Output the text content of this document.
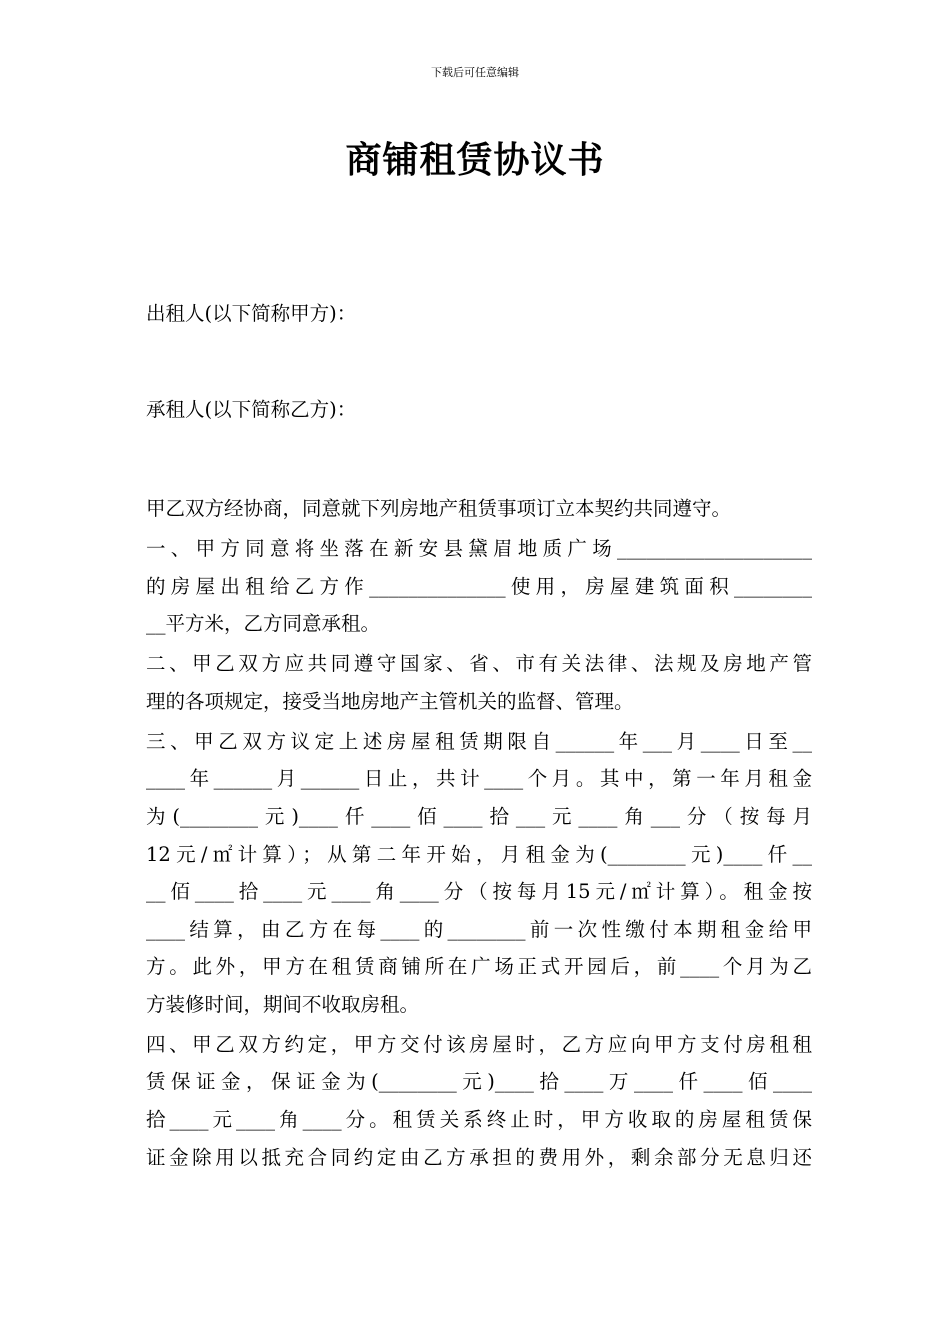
下载后可任意编辑
商铺租赁协议书
出租人(以下简称甲方)：
承租人(以下简称乙方)：
甲乙双方经协商，同意就下列房地产租赁事项订立本契约共同遵守。
一、甲方同意将坐落在新安县黛眉地质广场____________________
的房屋出租给乙方作______________使用，房屋建筑面积________
__平方米，乙方同意承租。
二、甲乙双方应共同遵守国家、省、市有关法律、法规及房地产管
理的各项规定，接受当地房地产主管机关的监督、管理。
三、甲乙双方议定上述房屋租赁期限自______年___月____日至__
____年______月______日止，共计____个月。其中，第一年月租金
为(________元)____仟____佰____拾___元____角___分（按每月
12元/㎡计算）；从第二年开始，月租金为(________元)____仟__
__佰____拾____元____角____分（按每月15元/㎡计算）。租金按
____结算，由乙方在每____的________前一次性缴付本期租金给甲
方。此外，甲方在租赁商铺所在广场正式开园后，前____个月为乙
方装修时间，期间不收取房租。
四、甲乙双方约定，甲方交付该房屋时，乙方应向甲方支付房租租
赁保证金，保证金为(________元)____拾____万____仟____佰____
拾____元____角____分。租赁关系终止时，甲方收取的房屋租赁保
证金除用以抵充合同约定由乙方承担的费用外，剩余部分无息归还
